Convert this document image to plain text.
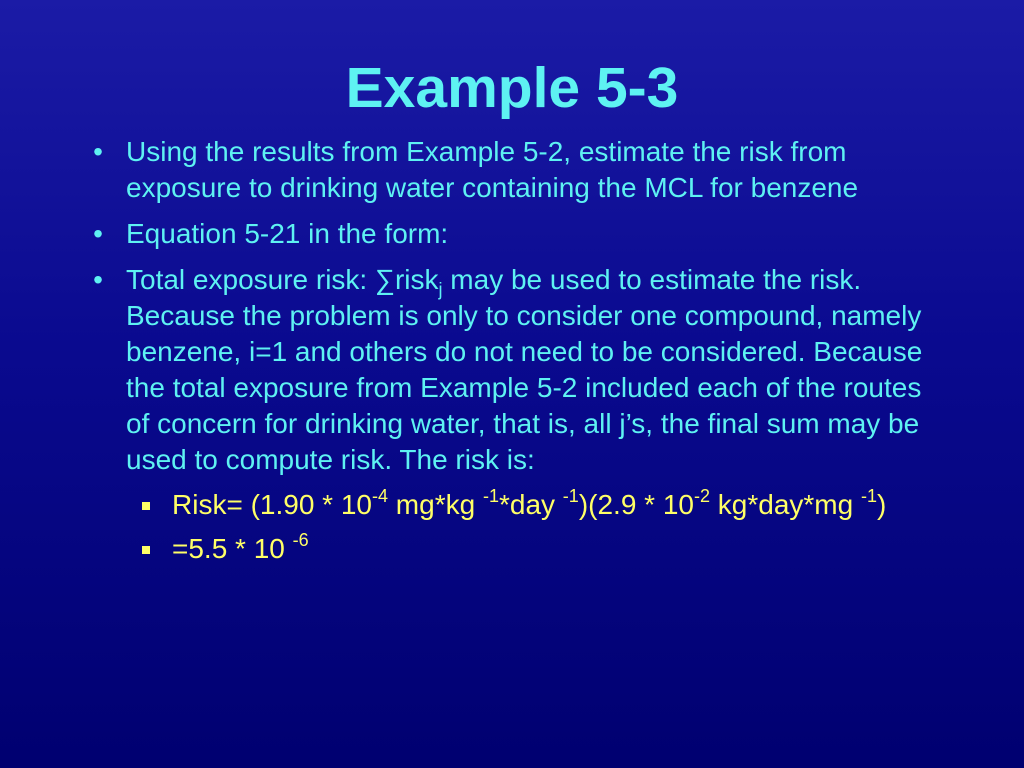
Example 5-3
• Using the results from Example 5-2, estimate the risk from exposure to drinking water containing the MCL for benzene
• Equation 5-21 in the form:
• Total exposure risk: ∑risk$_j$ may be used to estimate the risk. Because the problem is only to consider one compound, namely benzene, i=1 and others do not need to be considered. Because the total exposure from Example 5-2 included each of the routes of concern for drinking water, that is, all j’s, the final sum may be used to compute risk. The risk is:
Risk= ($1.90 * 10^{-4}$ mg*kg $^{-1}$*day $^{-1})(2.9 * 10^{-2}$ kg*day*mg $^{-1}$)
=5.5 * 10 $^{-6}$
